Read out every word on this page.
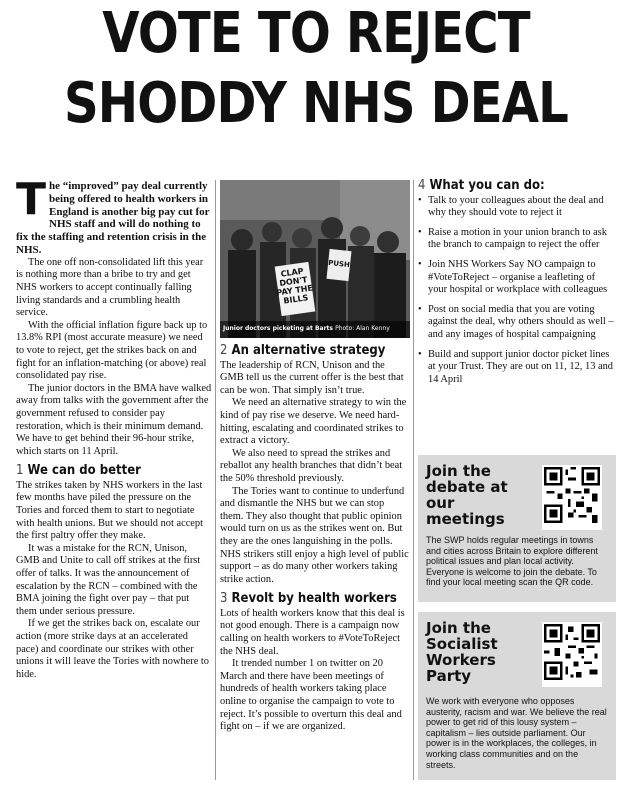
VOTE TO REJECT
SHODDY NHS DEAL

The “improved” pay deal currently being offered to health workers in England is another big pay cut for NHS staff and will do nothing to fix the staffing and retention crisis in the NHS.

The one off non-consolidated lift this year is nothing more than a bribe to try and get NHS workers to accept continually falling living standards and a crumbling health service.

With the official inflation figure back up to 13.8% RPI (most accurate measure) we need to vote to reject, get the strikes back on and fight for an inflation-matching (or above) real consolidated pay rise.

The junior doctors in the BMA have walked away from talks with the government after the government refused to consider pay restoration, which is their minimum demand. We have to get behind their 96-hour strike, which starts on 11 April.

1 We can do better

The strikes taken by NHS workers in the last few months have piled the pressure on the Tories and forced them to start to negotiate with health unions. But we should not accept the first paltry offer they make.

It was a mistake for the RCN, Unison, GMB and Unite to call off strikes at the first offer of talks. It was the announcement of escalation by the RCN – combined with the BMA joining the fight over pay – that put them under serious pressure.

If we get the strikes back on, escalate our action (more strike days at an accelerated pace) and coordinate our strikes with other unions it will leave the Tories with nowhere to hide.

CLAP DON'T PAY THE BILLS
PUSH
Junior doctors picketing at Barts Photo: Alan Kenny
2 An alternative strategy

The leadership of RCN, Unison and the GMB tell us the current offer is the best that can be won. That simply isn’t true.

We need an alternative strategy to win the kind of pay rise we deserve. We need hard-hitting, escalating and coordinated strikes to extract a victory.

We also need to spread the strikes and reballot any health branches that didn’t beat the 50% threshold previously.

The Tories want to continue to underfund and dismantle the NHS but we can stop them. They also thought that public opinion would turn on us as the strikes went on. But they are the ones languishing in the polls. NHS strikers still enjoy a high level of public support – as do many other workers taking strike action.

3 Revolt by health workers

Lots of health workers know that this deal is not good enough. There is a campaign now calling on health workers to #VoteToReject the NHS deal.

It trended number 1 on twitter on 20 March and there have been meetings of hundreds of health workers taking place online to organise the campaign to vote to reject. It’s possible to overturn this deal and fight on – if we are organized.

4 What you can do:
• Talk to your colleagues about the deal and why they should vote to reject it
• Raise a motion in your union branch to ask the branch to campaign to reject the offer
• Join NHS Workers Say NO campaign to #VoteToReject – organise a leafleting of your hospital or workplace with colleagues
• Post on social media that you are voting against the deal, why others should as well – and any images of hospital campaigning
• Build and support junior doctor picket lines at your Trust. They are out on 11, 12, 13 and 14 April
Join the debate at our meetings

The SWP holds regular meetings in towns and cities across Britain to explore different political issues and plan local activity. Everyone is welcome to join the debate. To find your local meeting scan the QR code.

Join the Socialist Workers Party

We work with everyone who opposes austerity, racism and war. We believe the real power to get rid of this lousy system – capitalism – lies outside parliament. Our power is in the workplaces, the colleges, in working class communities and on the streets.
